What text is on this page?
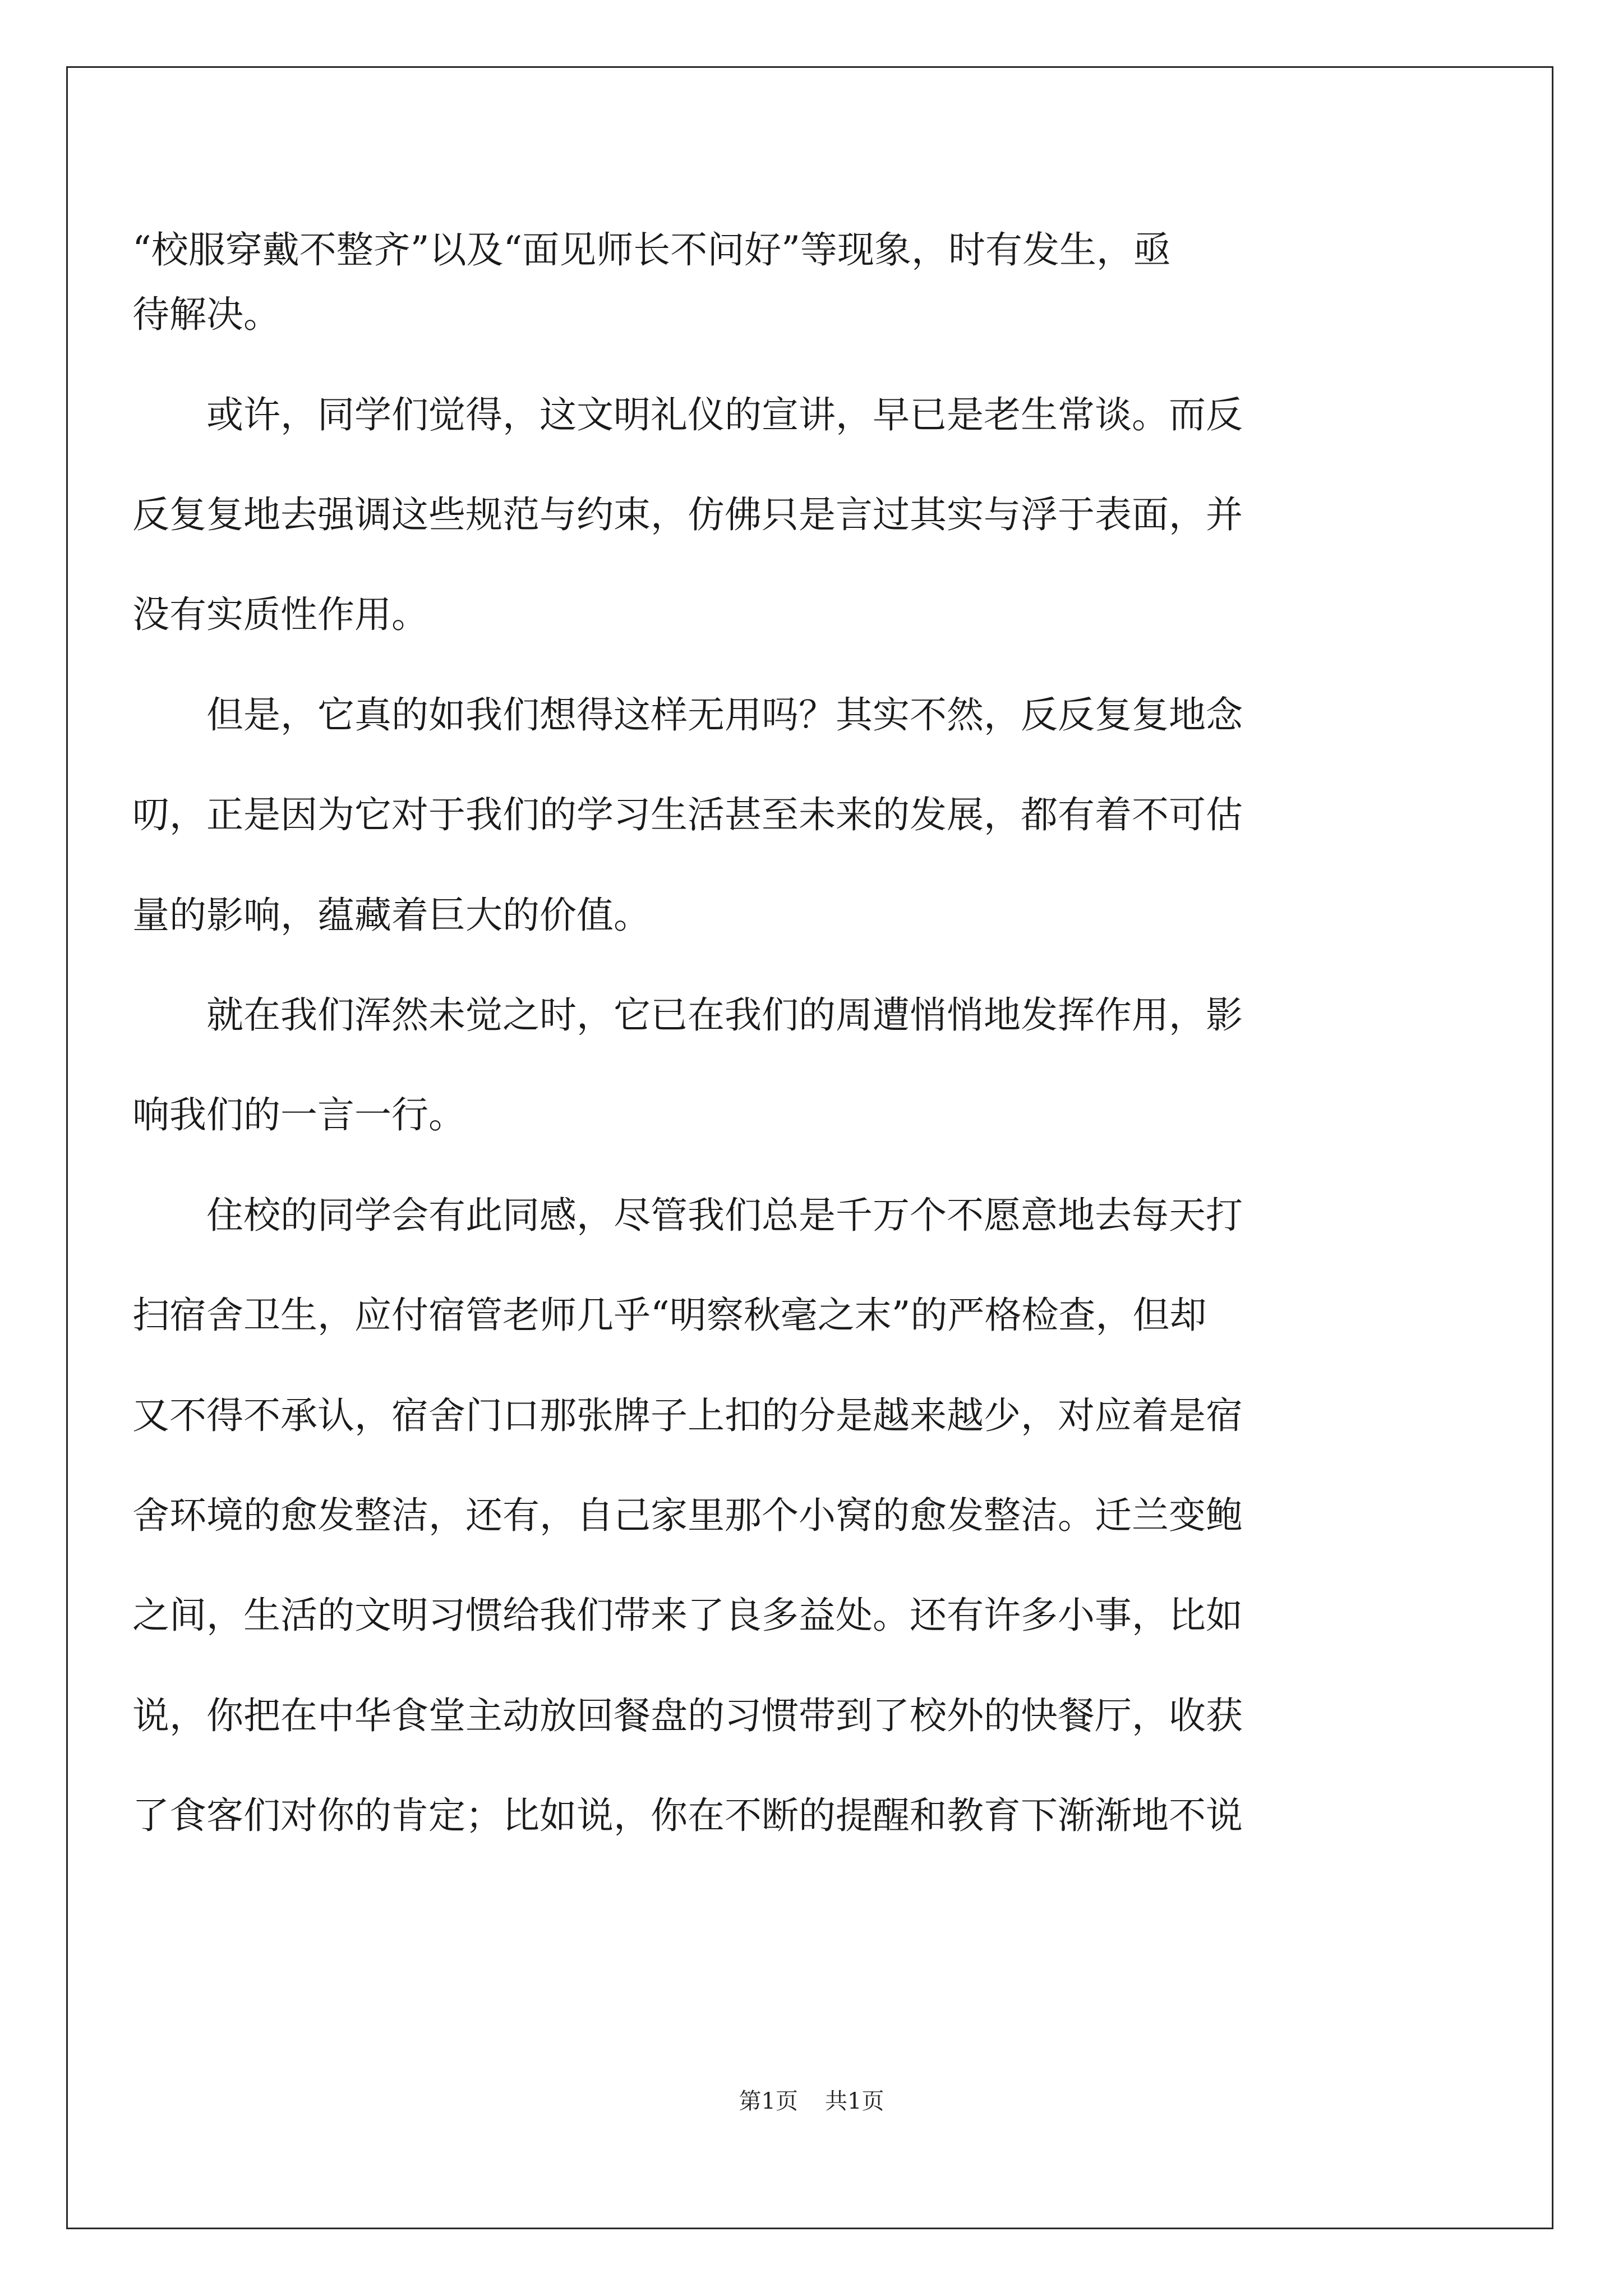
“校服穿戴不整齐”以及“面见师长不问好”等现象，时有发生，亟
待解决。
　　或许，同学们觉得，这文明礼仪的宣讲，早已是老生常谈。而反
反复复地去强调这些规范与约束，仿佛只是言过其实与浮于表面，并
没有实质性作用。
　　但是，它真的如我们想得这样无用吗？其实不然，反反复复地念
叨，正是因为它对于我们的学习生活甚至未来的发展，都有着不可估
量的影响，蕴藏着巨大的价值。
　　就在我们浑然未觉之时，它已在我们的周遭悄悄地发挥作用，影
响我们的一言一行。
　　住校的同学会有此同感，尽管我们总是千万个不愿意地去每天打
扫宿舍卫生，应付宿管老师几乎“明察秋毫之末”的严格检查，但却
又不得不承认，宿舍门口那张牌子上扣的分是越来越少，对应着是宿
舍环境的愈发整洁，还有，自己家里那个小窝的愈发整洁。迁兰变鲍
之间，生活的文明习惯给我们带来了良多益处。还有许多小事，比如
说，你把在中华食堂主动放回餐盘的习惯带到了校外的快餐厅，收获
了食客们对你的肯定；比如说，你在不断的提醒和教育下渐渐地不说
第1页 共1页
